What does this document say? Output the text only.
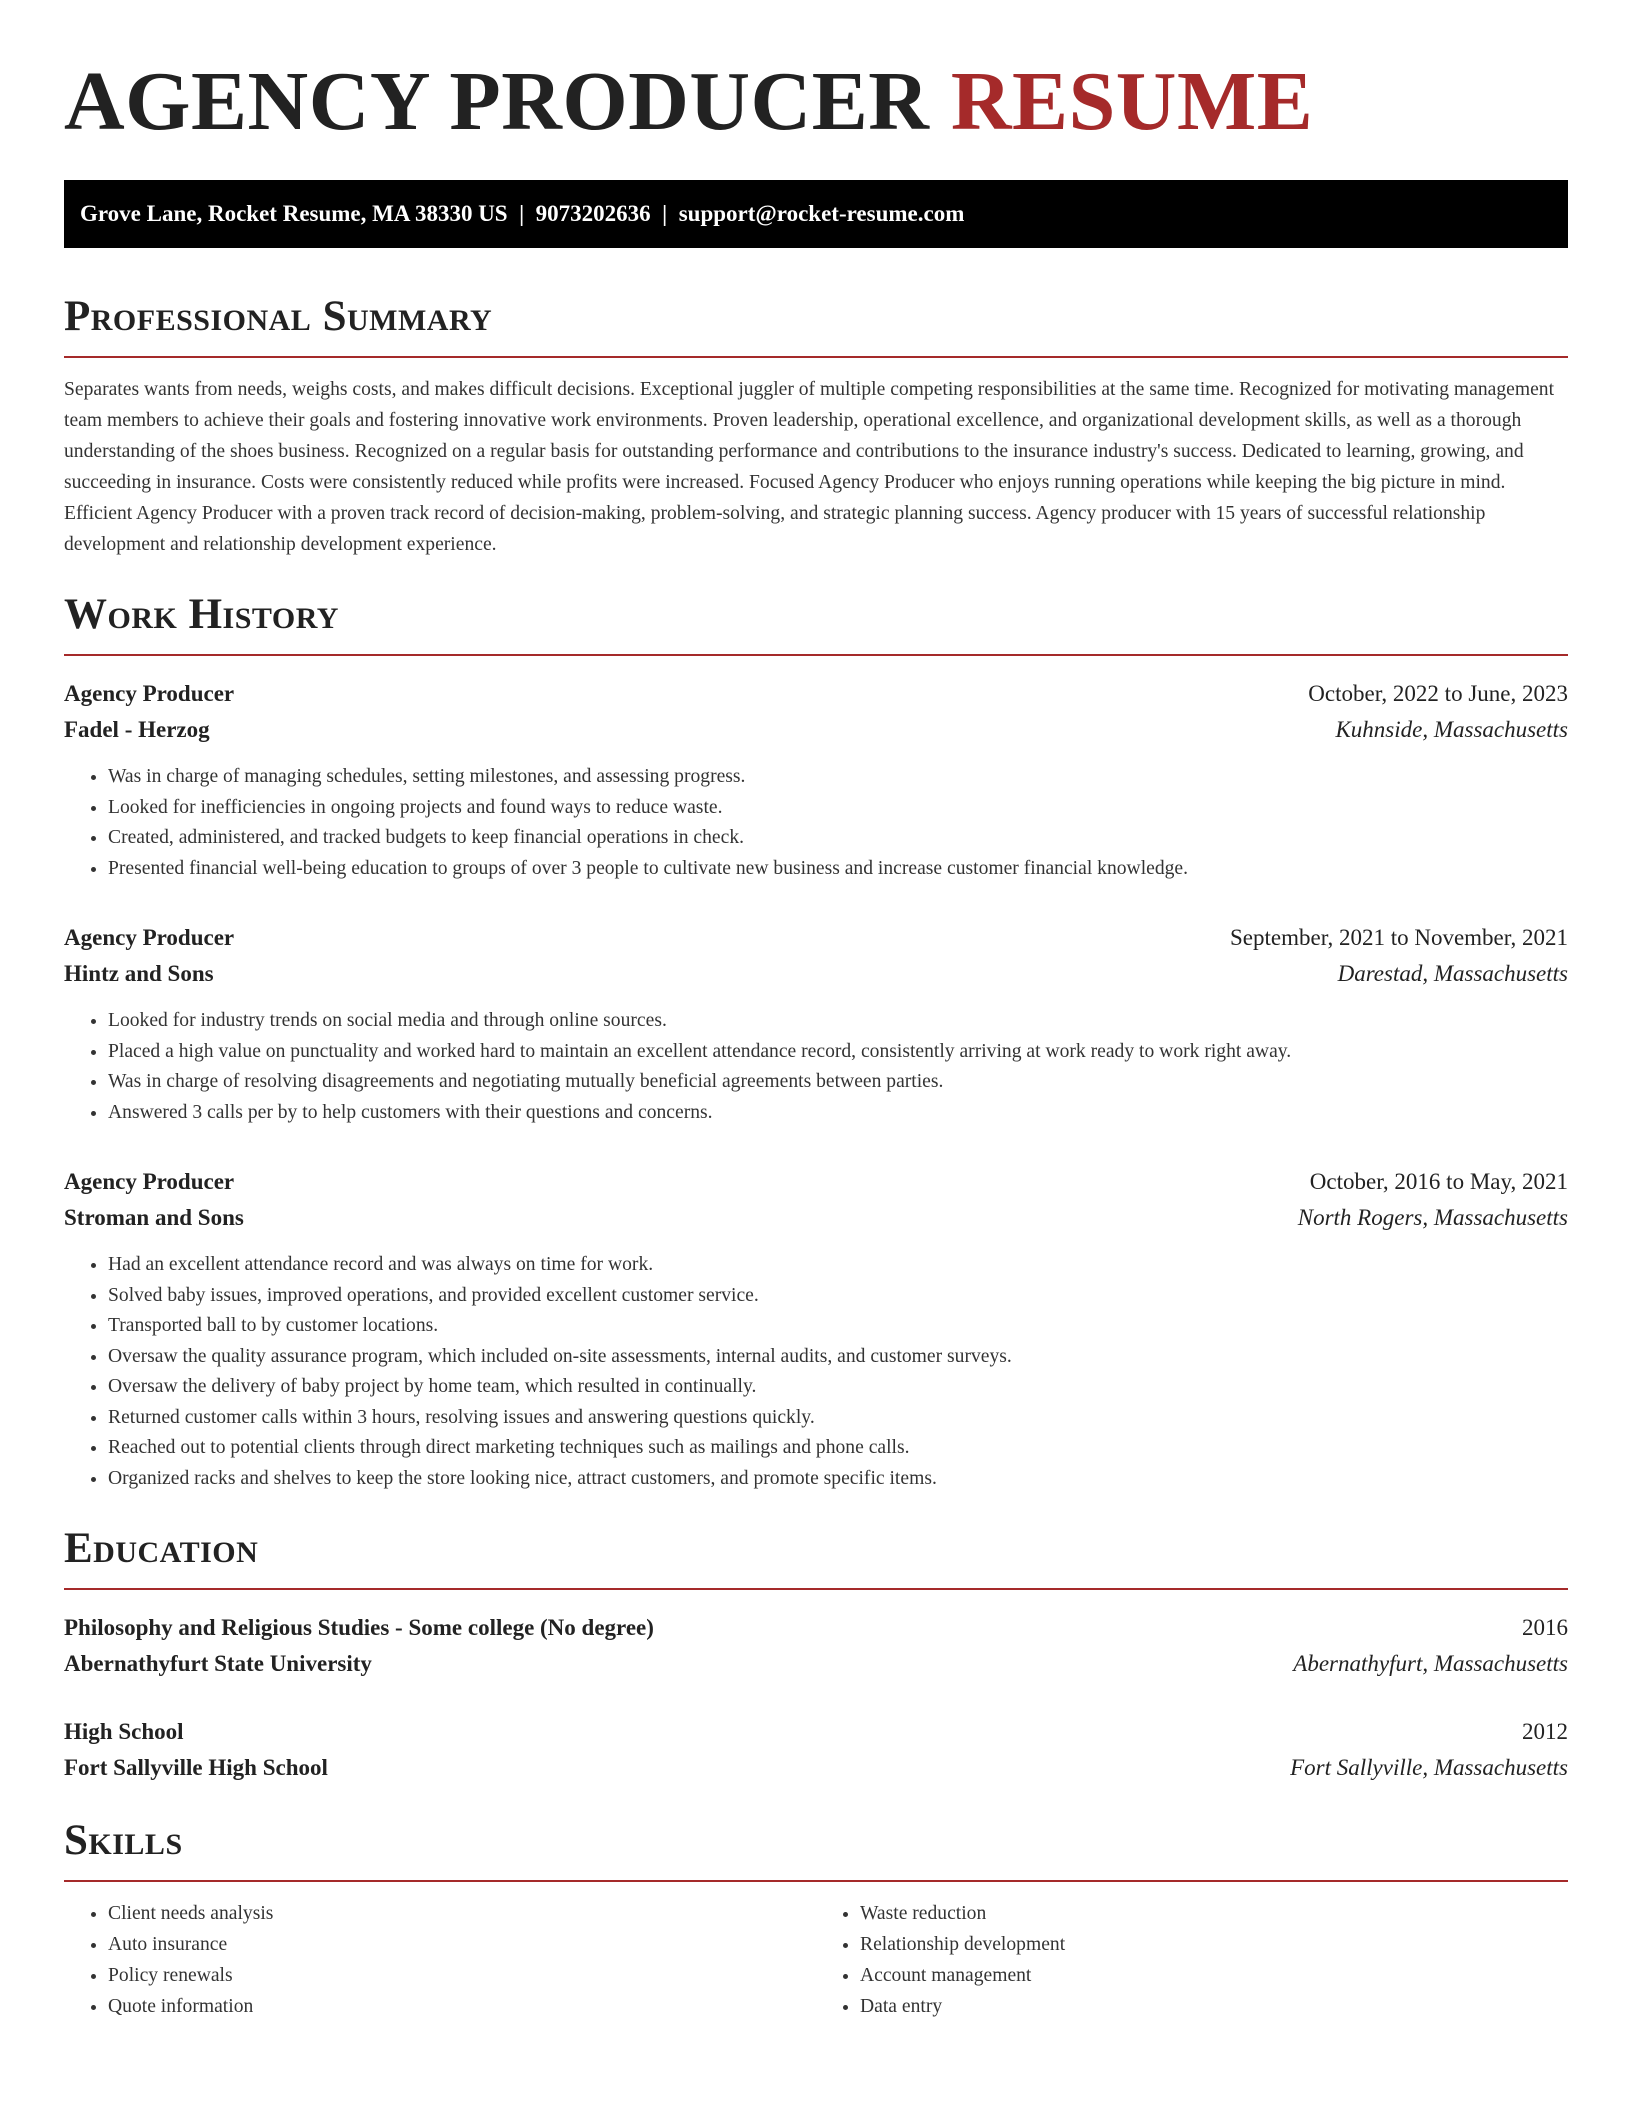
AGENCY PRODUCER RESUME
Grove Lane, Rocket Resume, MA 38330 US  |  9073202636  |  support@rocket-resume.com
Professional Summary

Separates wants from needs, weighs costs, and makes difficult decisions. Exceptional juggler of multiple competing responsibilities at the same time. Recognized for motivating management team members to achieve their goals and fostering innovative work environments. Proven leadership, operational excellence, and organizational development skills, as well as a thorough understanding of the shoes business. Recognized on a regular basis for outstanding performance and contributions to the insurance industry's success. Dedicated to learning, growing, and succeeding in insurance. Costs were consistently reduced while profits were increased. Focused Agency Producer who enjoys running operations while keeping the big picture in mind. Efficient Agency Producer with a proven track record of decision-making, problem-solving, and strategic planning success. Agency producer with 15 years of successful relationship development and relationship development experience.

Work History
Agency Producer	October, 2022 to June, 2023
Fadel - Herzog	Kuhnside, Massachusetts
• Was in charge of managing schedules, setting milestones, and assessing progress.
• Looked for inefficiencies in ongoing projects and found ways to reduce waste.
• Created, administered, and tracked budgets to keep financial operations in check.
• Presented financial well-being education to groups of over 3 people to cultivate new business and increase customer financial knowledge.
Agency Producer	September, 2021 to November, 2021
Hintz and Sons	Darestad, Massachusetts
• Looked for industry trends on social media and through online sources.
• Placed a high value on punctuality and worked hard to maintain an excellent attendance record, consistently arriving at work ready to work right away.
• Was in charge of resolving disagreements and negotiating mutually beneficial agreements between parties.
• Answered 3 calls per by to help customers with their questions and concerns.
Agency Producer	October, 2016 to May, 2021
Stroman and Sons	North Rogers, Massachusetts
• Had an excellent attendance record and was always on time for work.
• Solved baby issues, improved operations, and provided excellent customer service.
• Transported ball to by customer locations.
• Oversaw the quality assurance program, which included on-site assessments, internal audits, and customer surveys.
• Oversaw the delivery of baby project by home team, which resulted in continually.
• Returned customer calls within 3 hours, resolving issues and answering questions quickly.
• Reached out to potential clients through direct marketing techniques such as mailings and phone calls.
• Organized racks and shelves to keep the store looking nice, attract customers, and promote specific items.
Education
Philosophy and Religious Studies - Some college (No degree)	2016
Abernathyfurt State University	Abernathyfurt, Massachusetts
High School	2012
Fort Sallyville High School	Fort Sallyville, Massachusetts
Skills
• Client needs analysis
• Auto insurance
• Policy renewals
• Quote information
• Waste reduction
• Relationship development
• Account management
• Data entry
